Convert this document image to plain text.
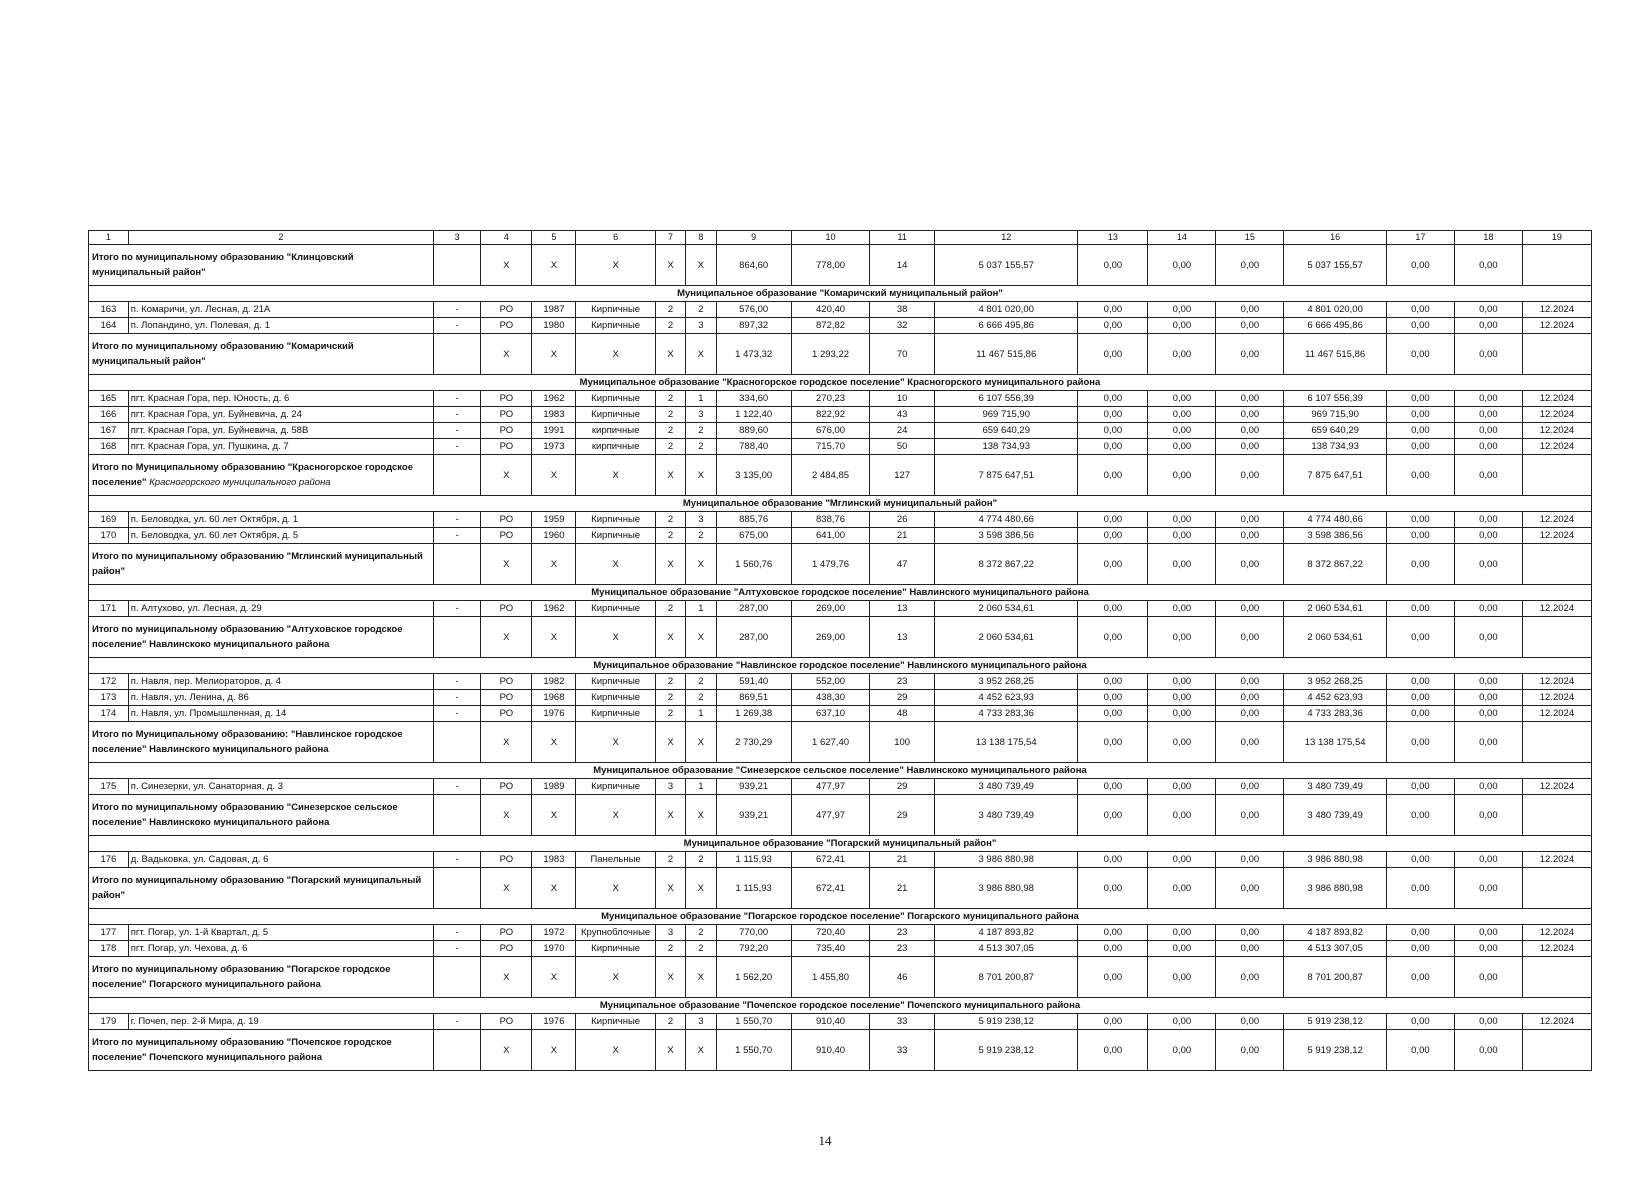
1	2	3	4	5	6	7	8	9	10	11	12	13	14	15	16	17	18	19
Итого по муниципальному образованию "Клинцовский муниципальный район"			X	X	X	X	X	864,60	778,00	14	5 037 155,57	0,00	0,00	0,00	5 037 155,57	0,00	0,00	
Муниципальное образование "Комаричский муниципальный район"																		
163	п. Комаричи, ул. Лесная, д. 21А	-	РО	1987	Кирпичные	2	2	576,00	420,40	38	4 801 020,00	0,00	0,00	0,00	4 801 020,00	0,00	0,00	12.2024
164	п. Лопандино, ул. Полевая, д. 1	-	РО	1980	Кирпичные	2	3	897,32	872,82	32	6 666 495,86	0,00	0,00	0,00	6 666 495,86	0,00	0,00	12.2024
Итого по муниципальному образованию "Комаричский муниципальный район"			X	X	X	X	X	1 473,32	1 293,22	70	11 467 515,86	0,00	0,00	0,00	11 467 515,86	0,00	0,00	
Муниципальное образование "Красногорское городское поселение" Красногорского муниципального района																		
165	пгт. Красная Гора, пер. Юность, д. 6	-	РО	1962	Кирпичные	2	1	334,60	270,23	10	6 107 556,39	0,00	0,00	0,00	6 107 556,39	0,00	0,00	12.2024
166	пгт. Красная Гора, ул. Буйневича, д. 24	-	РО	1983	Кирпичные	2	3	1 122,40	822,92	43	969 715,90	0,00	0,00	0,00	969 715,90	0,00	0,00	12.2024
167	пгт. Красная Гора, ул. Буйневича, д. 58В	-	РО	1991	кирпичные	2	2	889,60	676,00	24	659 640,29	0,00	0,00	0,00	659 640,29	0,00	0,00	12.2024
168	пгт. Красная Гора, ул. Пушкина, д. 7	-	РО	1973	кирпичные	2	2	788,40	715,70	50	138 734,93	0,00	0,00	0,00	138 734,93	0,00	0,00	12.2024
Итого по Муниципальному образованию "Красногорское городское поселение" Красногорского муниципального района			X	X	X	X	X	3 135,00	2 484,85	127	7 875 647,51	0,00	0,00	0,00	7 875 647,51	0,00	0,00	
Муниципальное образование "Мглинский муниципальный район"																		
169	п. Беловодка, ул. 60 лет Октября, д. 1	-	РО	1959	Кирпичные	2	3	885,76	838,76	26	4 774 480,66	0,00	0,00	0,00	4 774 480,66	0,00	0,00	12.2024
170	п. Беловодка, ул. 60 лет Октября, д. 5	-	РО	1960	Кирпичные	2	2	675,00	641,00	21	3 598 386,56	0,00	0,00	0,00	3 598 386,56	0,00	0,00	12.2024
Итого по муниципальному образованию "Мглинский муниципальный район"			X	X	X	X	X	1 560,76	1 479,76	47	8 372 867,22	0,00	0,00	0,00	8 372 867,22	0,00	0,00	
Муниципальное образование "Алтуховское городское поселение" Навлинского муниципального района																		
171	п. Алтухово, ул. Лесная, д. 29	-	РО	1962	Кирпичные	2	1	287,00	269,00	13	2 060 534,61	0,00	0,00	0,00	2 060 534,61	0,00	0,00	12.2024
Итого по муниципальному образованию "Алтуховское городское поселение" Навлинскоко муниципального района			X	X	X	X	X	287,00	269,00	13	2 060 534,61	0,00	0,00	0,00	2 060 534,61	0,00	0,00	
Муниципальное образование "Навлинское городское поселение" Навлинского муниципального района																		
172	п. Навля, пер. Мелиораторов, д. 4	-	РО	1982	Кирпичные	2	2	591,40	552,00	23	3 952 268,25	0,00	0,00	0,00	3 952 268,25	0,00	0,00	12.2024
173	п. Навля, ул. Ленина, д. 86	-	РО	1968	Кирпичные	2	2	869,51	438,30	29	4 452 623,93	0,00	0,00	0,00	4 452 623,93	0,00	0,00	12.2024
174	п. Навля, ул. Промышленная, д. 14	-	РО	1976	Кирпичные	2	1	1 269,38	637,10	48	4 733 283,36	0,00	0,00	0,00	4 733 283,36	0,00	0,00	12.2024
Итого по Муниципальному образованию: "Навлинское городское поселение" Навлинского муниципального района			X	X	X	X	X	2 730,29	1 627,40	100	13 138 175,54	0,00	0,00	0,00	13 138 175,54	0,00	0,00	
Муниципальное образование "Синезерское сельское поселение" Навлинскоко муниципального района																		
175	п. Синезерки, ул. Санаторная, д. 3	-	РО	1989	Кирпичные	3	1	939,21	477,97	29	3 480 739,49	0,00	0,00	0,00	3 480 739,49	0,00	0,00	12.2024
Итого по муниципальному образованию "Синезерское сельское поселение" Навлинскоко муниципального района			X	X	X	X	X	939,21	477,97	29	3 480 739,49	0,00	0,00	0,00	3 480 739,49	0,00	0,00	
Муниципальное образование "Погарский муниципальный район"																		
176	д. Вадьковка, ул. Садовая, д. 6	-	РО	1983	Панельные	2	2	1 115,93	672,41	21	3 986 880,98	0,00	0,00	0,00	3 986 880,98	0,00	0,00	12.2024
Итого по муниципальному образованию "Погарский муниципальный район"			X	X	X	X	X	1 115,93	672,41	21	3 986 880,98	0,00	0,00	0,00	3 986 880,98	0,00	0,00	
Муниципальное образование "Погарское городское поселение" Погарского муниципального района																		
177	пгт. Погар, ул. 1-й Квартал, д. 5	-	РО	1972	Крупноблочные	3	2	770,00	720,40	23	4 187 893,82	0,00	0,00	0,00	4 187 893,82	0,00	0,00	12.2024
178	пгт. Погар, ул. Чехова, д. 6	-	РО	1970	Кирпичные	2	2	792,20	735,40	23	4 513 307,05	0,00	0,00	0,00	4 513 307,05	0,00	0,00	12.2024
Итого по муниципальному образованию "Погарское городское поселение" Погарского муниципального района			X	X	X	X	X	1 562,20	1 455,80	46	8 701 200,87	0,00	0,00	0,00	8 701 200,87	0,00	0,00	
Муниципальное образование "Почепское городское поселение" Почепского муниципального района																		
179	г. Почеп, пер. 2-й Мира, д. 19	-	РО	1976	Кирпичные	2	3	1 550,70	910,40	33	5 919 238,12	0,00	0,00	0,00	5 919 238,12	0,00	0,00	12.2024
Итого по муниципальному образованию "Почепское городское поселение" Почепского муниципального района			X	X	X	X	X	1 550,70	910,40	33	5 919 238,12	0,00	0,00	0,00	5 919 238,12	0,00	0,00	
14
